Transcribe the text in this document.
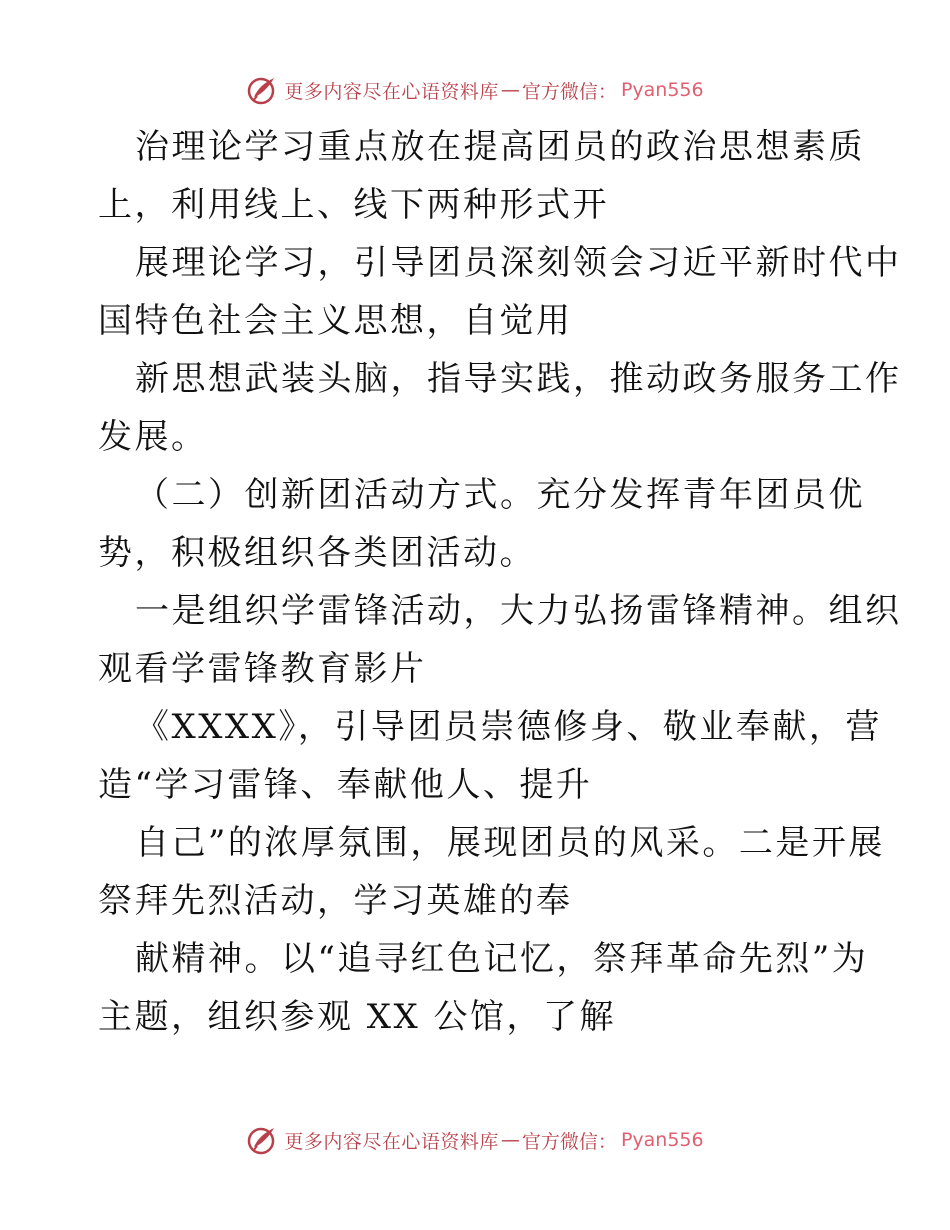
更多内容尽在心语资料库 — 官方微信 ： Pyan556
治理论学习重点放在提高团员的政治思想素质
上，利用线上、线下两种形式开
展理论学习，引导团员深刻领会习近平新时代中
国特色社会主义思想，自觉用
新思想武装头脑，指导实践，推动政务服务工作
发展。
（二）创新团活动方式。充分发挥青年团员优
势，积极组织各类团活动。
一是组织学雷锋活动，大力弘扬雷锋精神。组织
观看学雷锋教育影片
《XXXX》，引导团员崇德修身、敬业奉献，营
造“学习雷锋、奉献他人、提升
自己”的浓厚氛围，展现团员的风采。二是开展
祭拜先烈活动，学习英雄的奉
献精神。以“追寻红色记忆，祭拜革命先烈”为
主题，组织参观 XX 公馆，了解
更多内容尽在心语资料库 — 官方微信 ： Pyan556
